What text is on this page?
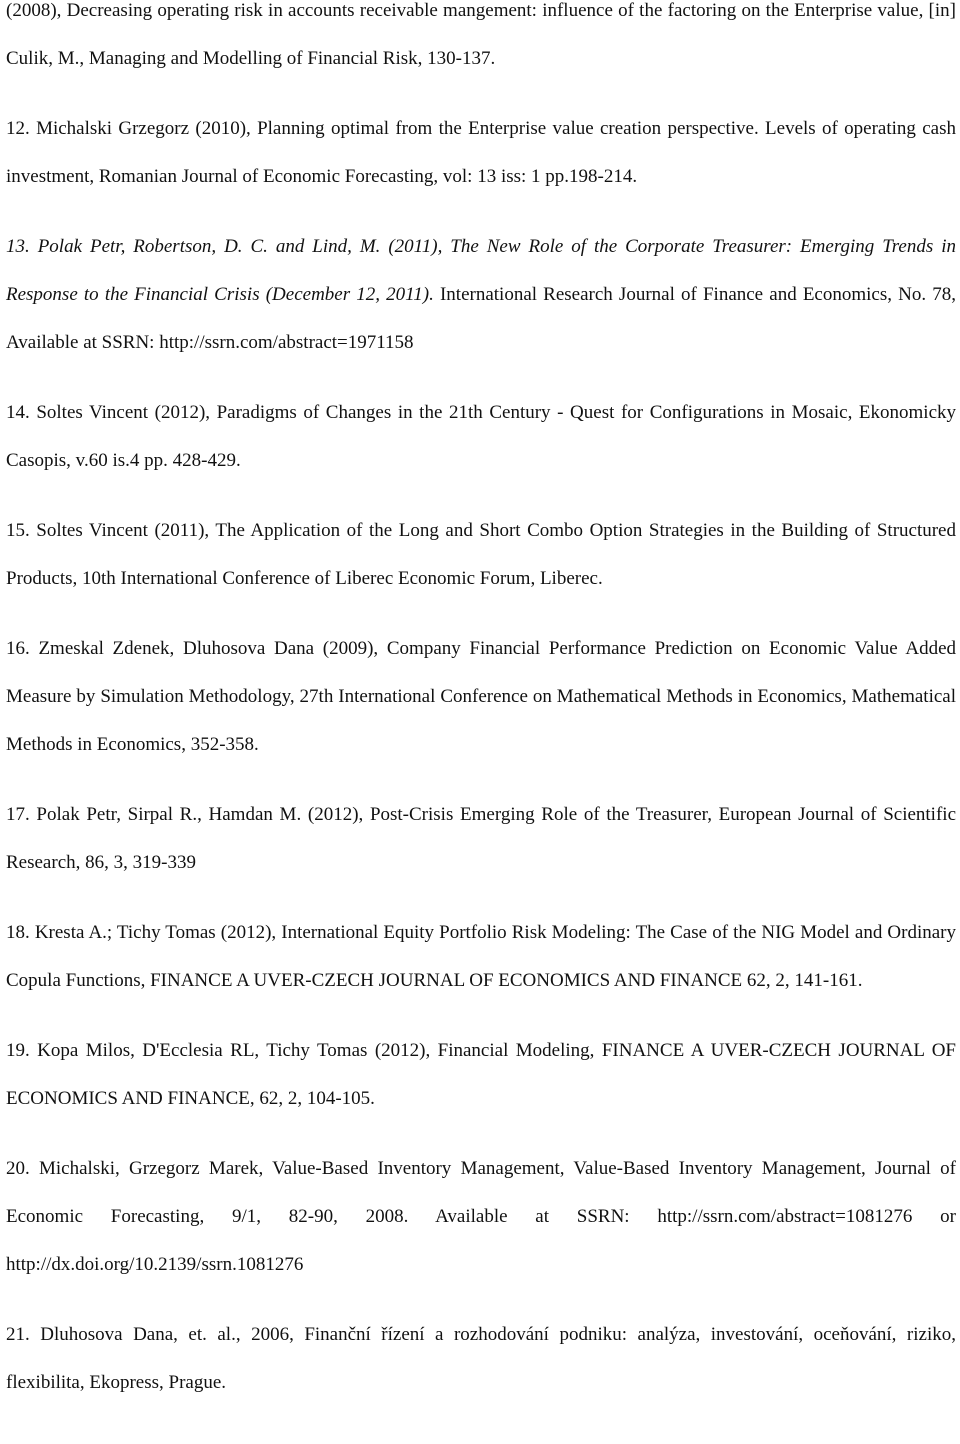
(2008), Decreasing operating risk in accounts receivable mangement: influence of the factoring on the Enterprise value, [in] Culik, M., Managing and Modelling of Financial Risk, 130-137.

12. Michalski Grzegorz (2010), Planning optimal from the Enterprise value creation perspective. Levels of operating cash investment, Romanian Journal of Economic Forecasting, vol: 13 iss: 1 pp.198-214.

13. Polak Petr, Robertson, D. C. and Lind, M. (2011), The New Role of the Corporate Treasurer: Emerging Trends in Response to the Financial Crisis (December 12, 2011). International Research Journal of Finance and Economics, No. 78, Available at SSRN: http://ssrn.com/abstract=1971158

14. Soltes Vincent (2012), Paradigms of Changes in the 21th Century - Quest for Configurations in Mosaic, Ekonomicky Casopis, v.60 is.4 pp. 428-429.

15. Soltes Vincent (2011), The Application of the Long and Short Combo Option Strategies in the Building of Structured Products, 10th International Conference of Liberec Economic Forum, Liberec.

16. Zmeskal Zdenek, Dluhosova Dana (2009), Company Financial Performance Prediction on Economic Value Added Measure by Simulation Methodology, 27th International Conference on Mathematical Methods in Economics, Mathematical Methods in Economics, 352-358.

17. Polak Petr, Sirpal R., Hamdan M. (2012), Post-Crisis Emerging Role of the Treasurer, European Journal of Scientific Research, 86, 3, 319-339

18. Kresta A.; Tichy Tomas (2012), International Equity Portfolio Risk Modeling: The Case of the NIG Model and Ordinary Copula Functions, FINANCE A UVER-CZECH JOURNAL OF ECONOMICS AND FINANCE 62, 2, 141-161.

19. Kopa Milos, D'Ecclesia RL, Tichy Tomas (2012), Financial Modeling, FINANCE A UVER-CZECH JOURNAL OF ECONOMICS AND FINANCE, 62, 2, 104-105.

20. Michalski, Grzegorz Marek, Value-Based Inventory Management, Value-Based Inventory Management, Journal of Economic Forecasting, 9/1, 82-90, 2008. Available at SSRN: http://ssrn.com/abstract=1081276 or http://dx.doi.org/10.2139/ssrn.1081276

21. Dluhosova Dana, et. al., 2006, Finanční řízení a rozhodování podniku: analýza, investování, oceňování, riziko, flexibilita, Ekopress, Prague.
